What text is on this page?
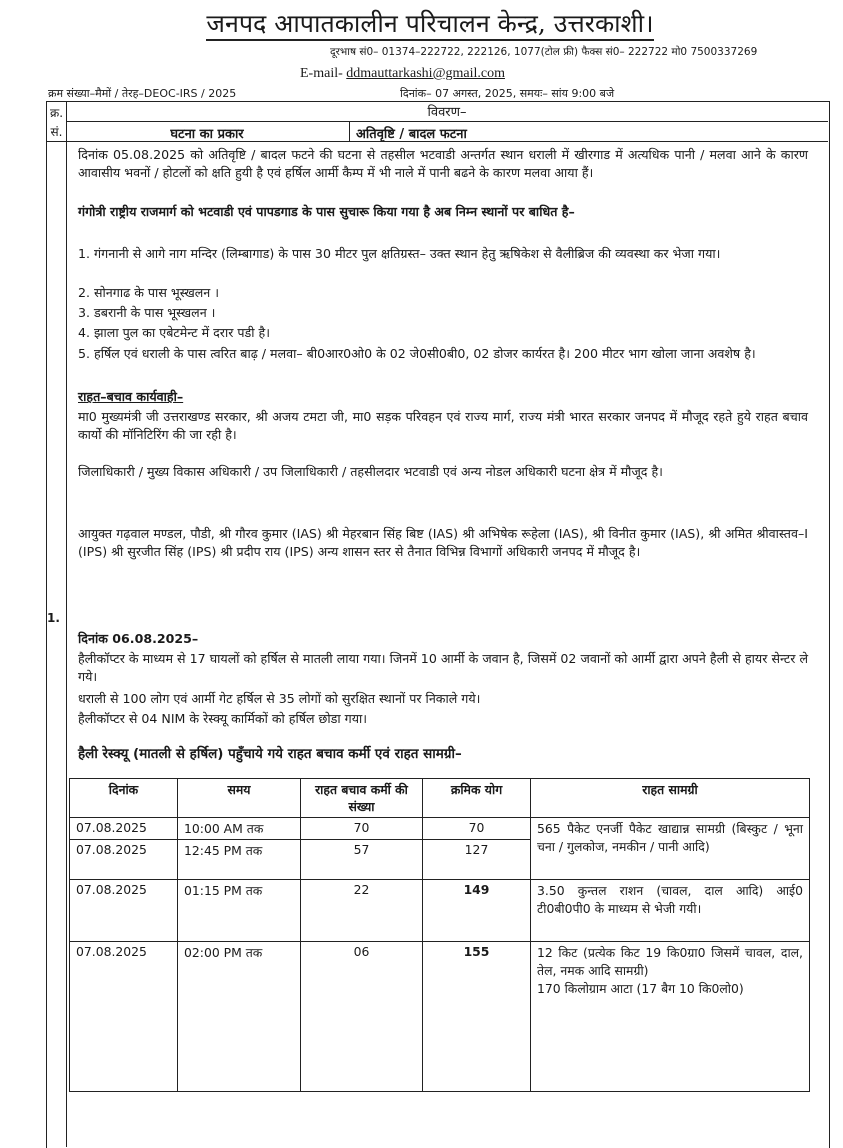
जनपद आपातकालीन परिचालन केन्द्र, उत्तरकाशी।
दूरभाष सं0– 01374–222722, 222126, 1077(टोल फ्री) फैक्स सं0– 222722 मो0 7500337269
E-mail- ddmauttarkashi@gmail.com
क्रम संख्या–मैमों / तेरह–DEOC-IRS / 2025	दिनांक– 07 अगस्त, 2025, समयः– सांय 9:00 बजे
क्र. सं.
विवरण–
घटना का प्रकार	अतिवृष्टि / बादल फटना
1.
दिनांक 05.08.2025 को अतिवृष्टि / बादल फटने की घटना से तहसील भटवाडी अन्तर्गत स्थान धराली में खीरगाड में अत्यधिक पानी / मलवा आने के कारण आवासीय भवनों / होटलों को क्षति हुयी है एवं हर्षिल आर्मी कैम्प में भी नाले में पानी बढने के कारण मलवा आया हैं।
गंगोत्री राष्ट्रीय राजमार्ग को भटवाडी एवं पापडगाड के पास सुचारू किया गया है अब निम्न स्थानों पर बाधित है–
1. गंगनानी से आगे नाग मन्दिर (लिम्बागाड) के पास 30 मीटर पुल क्षतिग्रस्त– उक्त स्थान हेतु ऋषिकेश से वैलीब्रिज की व्यवस्था कर भेजा गया।
2. सोनगाढ के पास भूस्खलन ।
3. डबरानी के पास भूस्खलन ।
4. झाला पुल का एबेटमेन्ट में दरार पडी है।
5. हर्षिल एवं धराली के पास त्वरित बाढ़ / मलवा– बी0आर0ओ0 के 02 जे0सी0बी0, 02 डोजर कार्यरत है। 200 मीटर भाग खोला जाना अवशेष है।
राहत–बचाव कार्यवाही–
मा0 मुख्यमंत्री जी उत्तराखण्ड सरकार, श्री अजय टमटा जी, मा0 सड़क परिवहन एवं राज्य मार्ग, राज्य मंत्री भारत सरकार जनपद में मौजूद रहते हुये राहत बचाव कार्यो की मॉनिटिरिंग की जा रही है।
जिलाधिकारी / मुख्य विकास अधिकारी / उप जिलाधिकारी / तहसीलदार भटवाडी एवं अन्य नोडल अधिकारी घटना क्षेत्र में मौजूद है।
आयुक्त गढ़वाल मण्डल, पौडी, श्री गौरव कुमार (IAS) श्री मेहरबान सिंह बिष्ट (IAS) श्री अभिषेक रूहेला (IAS), श्री विनीत कुमार (IAS), श्री अमित श्रीवास्तव–I (IPS) श्री सुरजीत सिंह (IPS) श्री प्रदीप राय (IPS) अन्य शासन स्तर से तैनात विभिन्न विभागों अधिकारी जनपद में मौजूद है।
दिनांक 06.08.2025–
हैलीकॉप्टर के माध्यम से 17 घायलों को हर्षिल से मातली लाया गया। जिनमें 10 आर्मी के जवान है, जिसमें 02 जवानों को आर्मी द्वारा अपने हैली से हायर सेन्टर ले गये।
धराली से 100 लोग एवं आर्मी गेट हर्षिल से 35 लोगों को सुरक्षित स्थानों पर निकाले गये।
हैलीकॉप्टर से 04 NIM के रेस्क्यू कार्मिकों को हर्षिल छोडा गया।
हैली रेस्क्यू (मातली से हर्षिल) पहुँचाये गये राहत बचाव कर्मी एवं राहत सामग्री–
दिनांक	समय	राहत बचाव कर्मी की संख्या	क्रमिक योग	राहत सामग्री
07.08.2025	10:00 AM तक	70	70	565 पैकेट एनर्जी पैकेट खाद्यान्न सामग्री (बिस्कुट / भूना चना / गुलकोज, नमकीन / पानी आदि)
07.08.2025	12:45 PM तक	57	127	
07.08.2025	01:15 PM तक	22	149	3.50 कुन्तल राशन (चावल, दाल आदि) आई0 टी0बी0पी0 के माध्यम से भेजी गयी।
07.08.2025	02:00 PM तक	06	155	12 किट (प्रत्येक किट 19 कि0ग्रा0 जिसमें चावल, दाल, तेल, नमक आदि सामग्री)
170 किलोग्राम आटा (17 बैग 10 कि0लो0)
